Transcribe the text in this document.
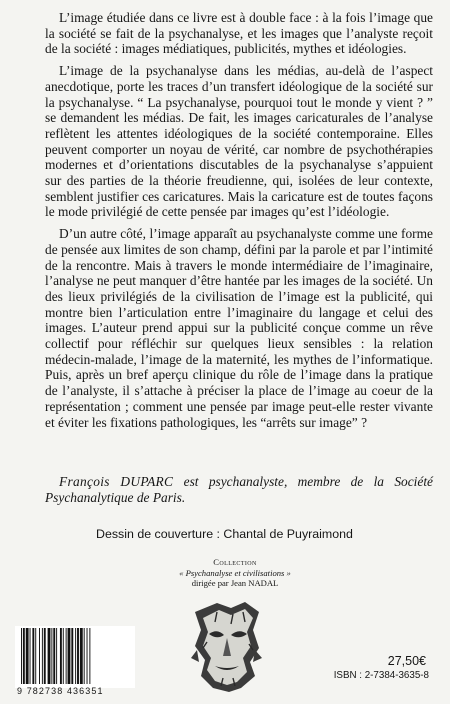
L’image étudiée dans ce livre est à double face : à la fois l’image que la société se fait de la psychanalyse, et les images que l’analyste reçoit de la société : images médiatiques, publicités, mythes et idéologies.

L’image de la psychanalyse dans les médias, au-delà de l’aspect anecdotique, porte les traces d’un transfert idéologique de la société sur la psychanalyse. “ La psychanalyse, pourquoi tout le monde y vient ? ” se demandent les médias. De fait, les images caricaturales de l’analyse reflètent les attentes idéologiques de la société contemporaine. Elles peuvent comporter un noyau de vérité, car nombre de psychothérapies modernes et d’orientations discutables de la psychanalyse s’appuient sur des parties de la théorie freudienne, qui, isolées de leur contexte, semblent justifier ces caricatures. Mais la caricature est de toutes façons le mode privilégié de cette pensée par images qu’est l’idéologie.

D’un autre côté, l’image apparaît au psychanalyste comme une forme de pensée aux limites de son champ, défini par la parole et par l’intimité de la rencontre. Mais à travers le monde intermédiaire de l’imaginaire, l’analyse ne peut manquer d’être hantée par les images de la société. Un des lieux privilégiés de la civilisation de l’image est la publicité, qui montre bien l’articulation entre l’imaginaire du langage et celui des images. L’auteur prend appui sur la publicité conçue comme un rêve collectif pour réfléchir sur quelques lieux sensibles : la relation médecin-malade, l’image de la maternité, les mythes de l’informatique. Puis, après un bref aperçu clinique du rôle de l’image dans la pratique de l’analyste, il s’attache à préciser la place de l’image au coeur de la représentation ; comment une pensée par image peut-elle rester vivante et éviter les fixations pathologiques, les “arrêts sur image” ?

François DUPARC est psychanalyste, membre de la Société Psychanalytique de Paris.

Dessin de couverture : Chantal de Puyraimond
Collection
« Psychanalyse et civilisations »
dirigée par Jean NADAL
9 782738 436351
27,50€
ISBN : 2-7384-3635-8
